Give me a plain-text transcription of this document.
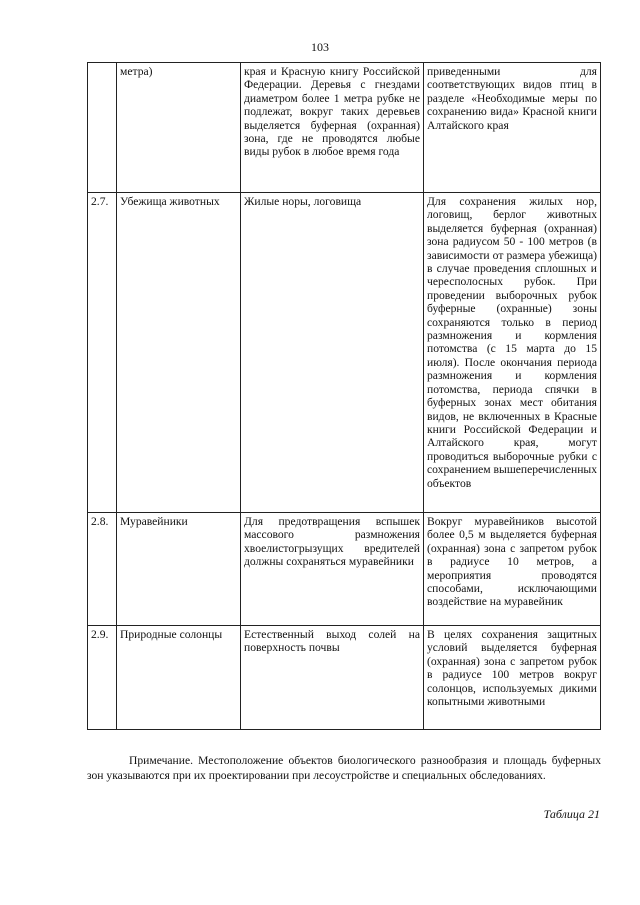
103
	метра)	края и Красную книгу Российской Федерации. Деревья с гнездами диаметром более 1 метра рубке не подлежат, вокруг таких деревьев выделяется буферная (охранная) зона, где не проводятся любые виды рубок в любое время года	приведенными для соответствующих видов птиц в разделе «Необходимые меры по сохранению вида» Красной книги Алтайского края
2.7.	Убежища животных	Жилые норы, логовища	Для сохранения жилых нор, логовищ, берлог животных выделяется буферная (охранная) зона радиусом 50 - 100 метров (в зависимости от размера убежища) в случае проведения сплошных и чересполосных рубок. При проведении выборочных рубок буферные (охранные) зоны сохраняются только в период размножения и кормления потомства (с 15 марта до 15 июля). После окончания периода размножения и кормления потомства, периода спячки в буферных зонах мест обитания видов, не включенных в Красные книги Российской Федерации и Алтайского края, могут проводиться выборочные рубки с сохранением вышеперечисленных объектов
2.8.	Муравейники	Для предотвращения вспышек массового размножения хвоелистогрызущих вредителей должны сохраняться муравейники	Вокруг муравейников высотой более 0,5 м выделяется буферная (охранная) зона с запретом рубок в радиусе 10 метров, а мероприятия проводятся способами, исключающими воздействие на муравейник
2.9.	Природные солонцы	Естественный выход солей на поверхность почвы	В целях сохранения защитных условий выделяется буферная (охранная) зона с запретом рубок в радиусе 100 метров вокруг солонцов, используемых дикими копытными животными
Примечание. Местоположение объектов биологического разнообразия и площадь буферных зон указываются при их проектировании при лесоустройстве и специальных обследованиях.
Таблица 21
